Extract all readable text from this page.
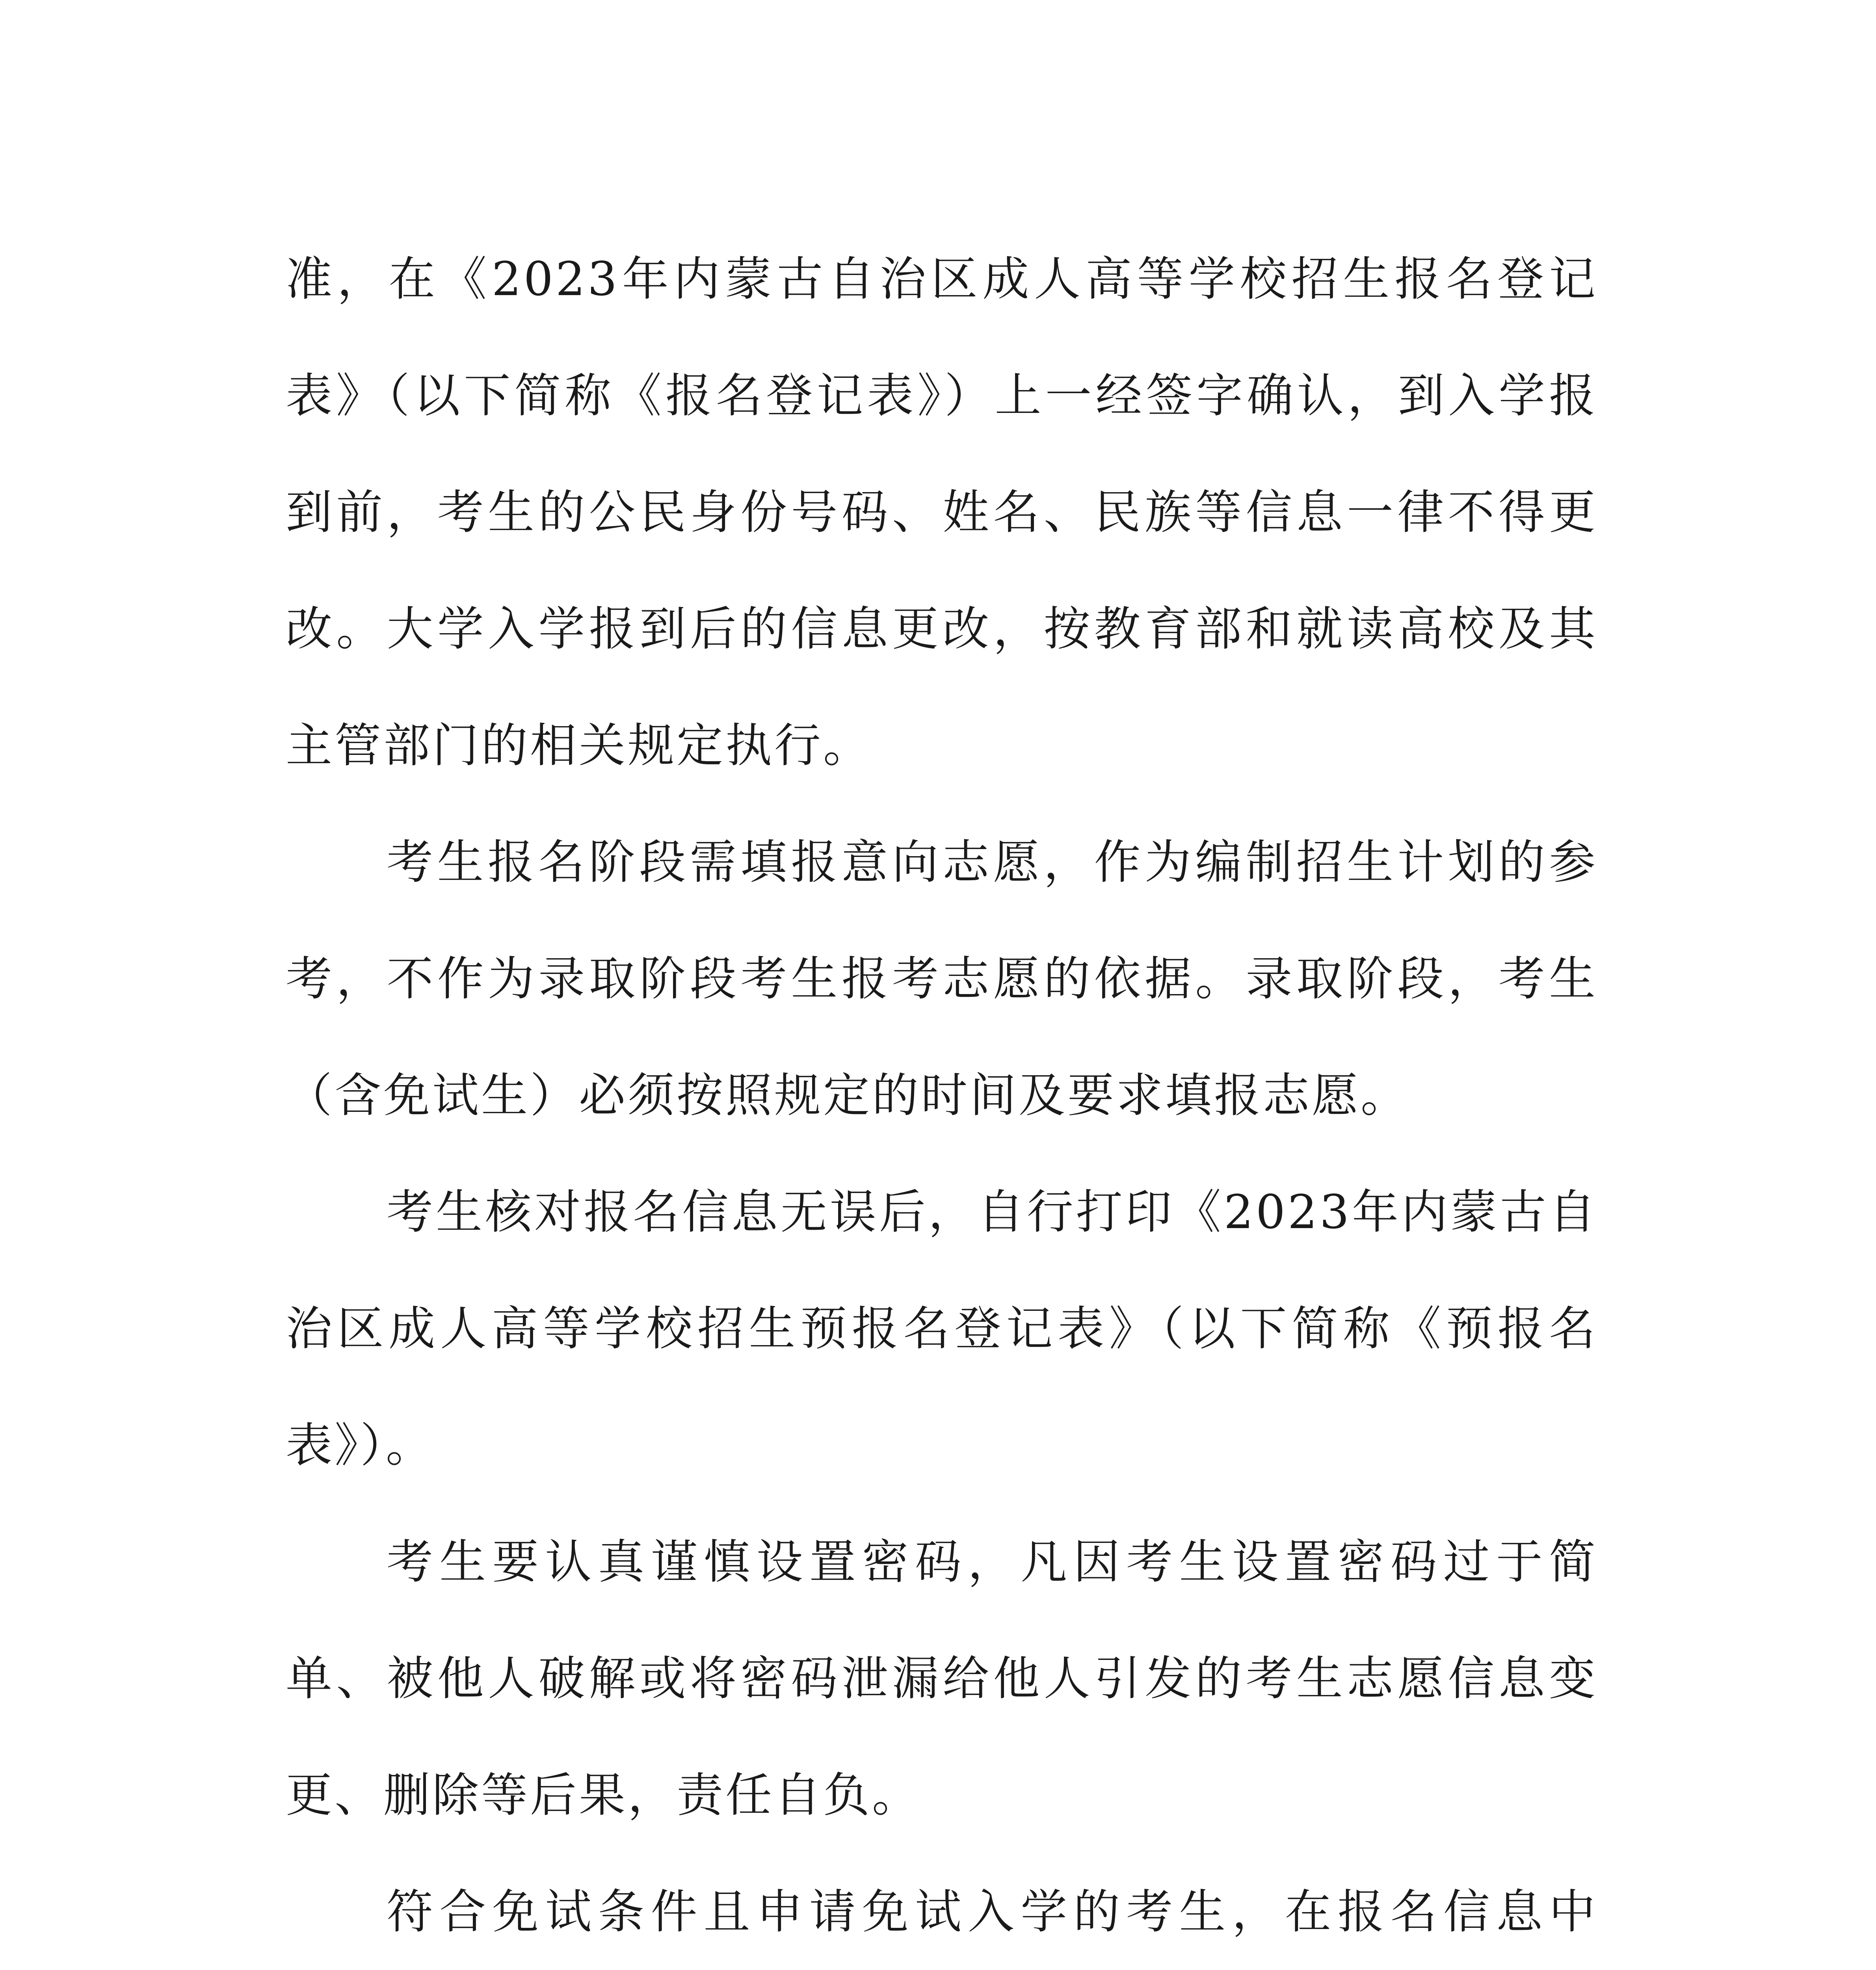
准，在《2023年内蒙古自治区成人高等学校招生报名登记表》（以下简称《报名登记表》）上一经签字确认，到入学报到前，考生的公民身份号码、姓名、民族等信息一律不得更改。大学入学报到后的信息更改，按教育部和就读高校及其主管部门的相关规定执行。

考生报名阶段需填报意向志愿，作为编制招生计划的参考，不作为录取阶段考生报考志愿的依据。录取阶段，考生（含免试生）必须按照规定的时间及要求填报志愿。

考生核对报名信息无误后，自行打印《2023年内蒙古自治区成人高等学校招生预报名登记表》（以下简称《预报名表》）。

考生要认真谨慎设置密码，凡因考生设置密码过于简单、被他人破解或将密码泄漏给他人引发的考生志愿信息变更、删除等后果，责任自负。

符合免试条件且申请免试入学的考生，在报名信息中
